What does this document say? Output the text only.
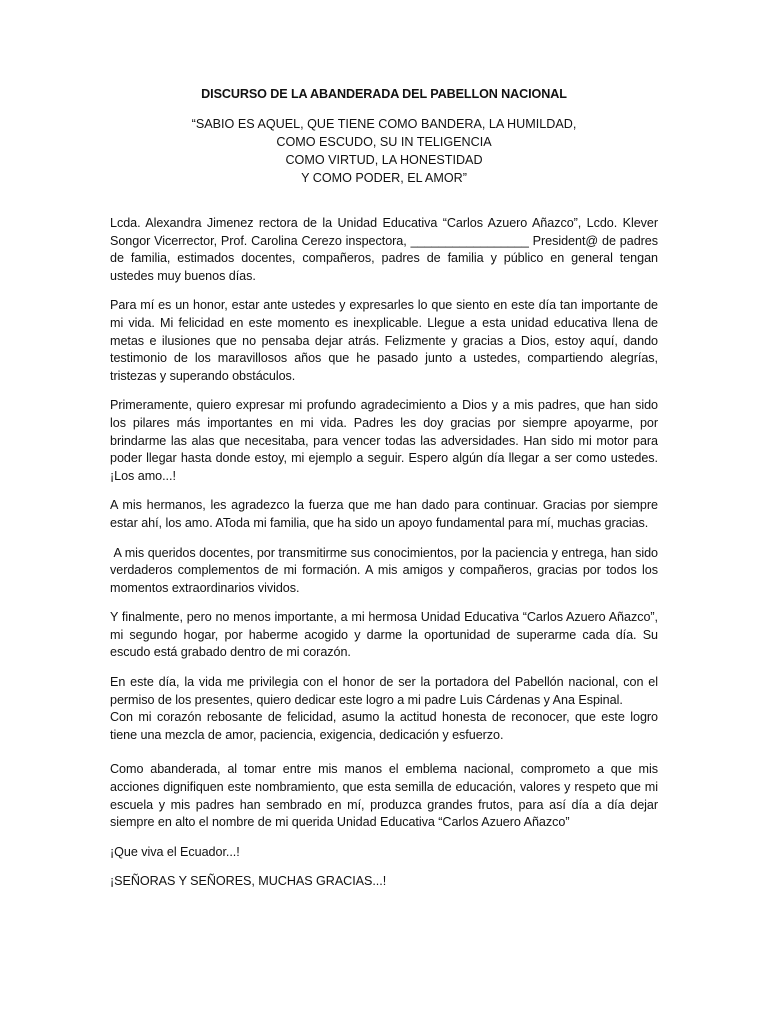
DISCURSO DE LA ABANDERADA DEL PABELLON NACIONAL
“SABIO ES AQUEL, QUE TIENE COMO BANDERA, LA HUMILDAD,
COMO ESCUDO, SU IN TELIGENCIA
COMO VIRTUD, LA HONESTIDAD
Y COMO PODER, EL AMOR”

Lcda. Alexandra Jimenez rectora de la Unidad Educativa “Carlos Azuero Añazco”, Lcdo. Klever Songor Vicerrector, Prof. Carolina Cerezo inspectora, _________________ President@ de padres de familia, estimados docentes, compañeros, padres de familia y público en general tengan ustedes muy buenos días.

Para mí es un honor, estar ante ustedes y expresarles lo que siento en este día tan importante de mi vida. Mi felicidad en este momento es inexplicable. Llegue a esta unidad educativa llena de metas e ilusiones que no pensaba dejar atrás. Felizmente y gracias a Dios, estoy aquí, dando testimonio de los maravillosos años que he pasado junto a ustedes, compartiendo alegrías, tristezas y superando obstáculos.

Primeramente, quiero expresar mi profundo agradecimiento a Dios y a mis padres, que han sido los pilares más importantes en mi vida. Padres les doy gracias por siempre apoyarme, por brindarme las alas que necesitaba, para vencer todas las adversidades. Han sido mi motor para poder llegar hasta donde estoy, mi ejemplo a seguir. Espero algún día llegar a ser como ustedes. ¡Los amo...!

A mis hermanos, les agradezco la fuerza que me han dado para continuar. Gracias por siempre estar ahí, los amo. AToda mi familia, que ha sido un apoyo fundamental para mí, muchas gracias.

A mis queridos docentes, por transmitirme sus conocimientos, por la paciencia y entrega, han sido verdaderos complementos de mi formación. A mis amigos y compañeros, gracias por todos los momentos extraordinarios vividos.

Y finalmente, pero no menos importante, a mi hermosa Unidad Educativa “Carlos Azuero Añazco”, mi segundo hogar, por haberme acogido y darme la oportunidad de superarme cada día. Su escudo está grabado dentro de mi corazón.

En este día, la vida me privilegia con el honor de ser la portadora del Pabellón nacional, con el permiso de los presentes, quiero dedicar este logro a mi padre Luis Cárdenas y Ana Espinal.

Con mi corazón rebosante de felicidad, asumo la actitud honesta de reconocer, que este logro tiene una mezcla de amor, paciencia, exigencia, dedicación y esfuerzo.

Como abanderada, al tomar entre mis manos el emblema nacional, comprometo a que mis acciones dignifiquen este nombramiento, que esta semilla de educación, valores y respeto que mi escuela y mis padres han sembrado en mí, produzca grandes frutos, para así día a día dejar siempre en alto el nombre de mi querida Unidad Educativa “Carlos Azuero Añazco”

¡Que viva el Ecuador...!

¡SEÑORAS Y SEÑORES, MUCHAS GRACIAS...!
